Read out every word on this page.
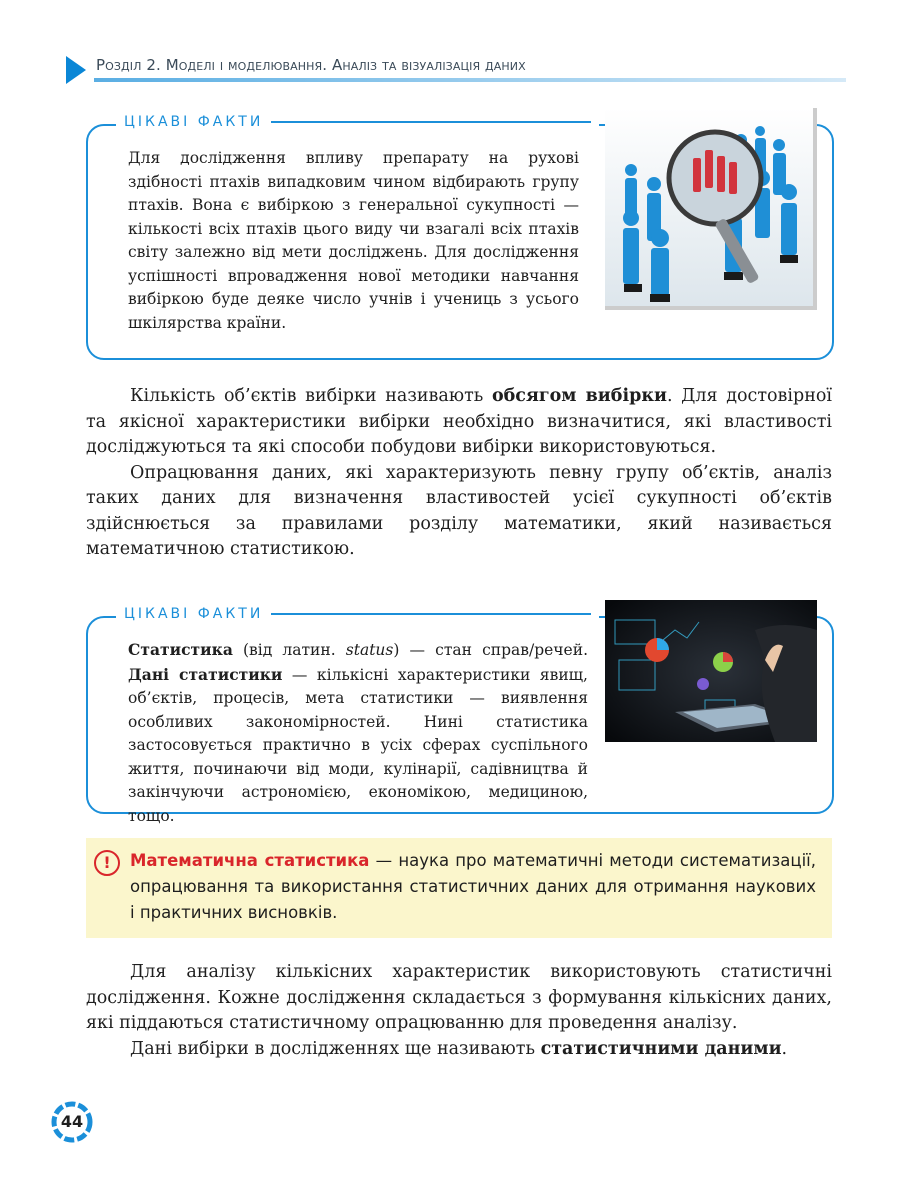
Розділ 2. Моделі і моделювання. Аналіз та візуалізація даних
ЦІКАВІ ФАКТИ
Для дослідження впливу препарату на рухові здібності птахів випадковим чином відбирають групу птахів. Вона є вибіркою з генеральної сукупності — кількості всіх птахів цього виду чи взагалі всіх птахів світу залежно від мети досліджень. Для дослідження успішності впровадження нової методики навчання вибіркою буде деяке число учнів і учениць з усього шкілярства країни.

Кількість об’єктів вибірки називають обсягом вибірки. Для достовірної та якісної характеристики вибірки необхідно визначитися, які властивості досліджуються та які способи побудови вибірки використовуються.

Опрацювання даних, які характеризують певну групу об’єктів, аналіз таких даних для визначення властивостей усієї сукупності об’єктів здійснюється за правилами розділу математики, який називається математичною статистикою.

ЦІКАВІ ФАКТИ
Статистика (від латин. status) — стан справ/речей. Дані статистики — кількісні характеристики явищ, об’єктів, процесів, мета статистики — виявлення особливих закономірностей. Нині статистика застосовується практично в усіх сферах суспільного життя, починаючи від моди, кулінарії, садівництва й закінчуючи астрономією, економікою, медициною, тощо.
!	Математична статистика — наука про математичні методи систематизації, опрацювання та використання статистичних даних для отримання наукових і практичних висновків.

Для аналізу кількісних характеристик використовують статистичні дослідження. Кожне дослідження складається з формування кількісних даних, які піддаються статистичному опрацюванню для проведення аналізу.

Дані вибірки в дослідженнях ще називають статистичними даними.

44
